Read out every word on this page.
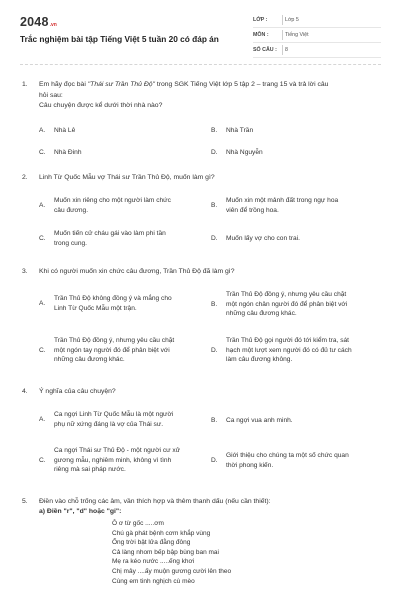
2048.vn
Trắc nghiệm bài tập Tiếng Việt 5 tuần 20 có đáp án
LỚP :	Lớp 5
MÔN :	Tiếng Việt
SỐ CÂU :	8
1.	Em hãy đọc bài "Thái sư Trần Thủ Độ" trong SGK Tiếng Việt lớp 5 tập 2 – trang 15 và trả lời câu
hỏi sau:
Câu chuyện được kể dưới thời nhà nào?
A. Nhà Lê	B. Nhà Trần
C. Nhà Đinh	D. Nhà Nguyễn
2.	Linh Từ Quốc Mẫu vợ Thái sư Trần Thủ Độ, muốn làm gì?
A.
Muốn xin riêng cho một người làm chức
câu đương.
B.
Muốn xin một mảnh đất trong ngự hoa
viên để trồng hoa.
C.
Muốn tiến cử cháu gái vào làm phi tần
trong cung.
D. Muốn lấy vợ cho con trai.
3.	Khi có người muốn xin chức câu đương, Trần Thủ Độ đã làm gì?
A.
Trần Thủ Độ không đồng ý và mắng cho
Linh Từ Quốc Mẫu một trận.	B.
Trần Thủ Độ đồng ý, nhưng yêu cầu chặt
một ngón chân người đó để phân biệt với
những câu đương khác.
C.
Trần Thủ Độ đồng ý, nhưng yêu cầu chặt
một ngón tay người đó để phân biệt với
những câu đương khác.
D.
Trần Thủ Độ gọi người đó tới kiểm tra, sát
hạch một lượt xem người đó có đủ tư cách
làm câu đương không.
4.	Ý nghĩa của câu chuyện?
A.
Ca ngợi Linh Từ Quốc Mẫu là một người
phụ nữ xứng đáng là vợ của Thái sư.	B. Ca ngợi vua anh minh.
C.
Ca ngợi Thái sư Thủ Độ - một người cư xử
gương mẫu, nghiêm minh, không vì tình
riêng mà sai pháp nước.
D.
Giới thiệu cho chúng ta một số chức quan
thời phong kiến.
5.	Điền vào chỗ trống các âm, vần thích hợp và thêm thanh dấu (nếu cần thiết):
a) Điền "r", "d" hoặc "gi":
Ô ơ từ gốc .....ơm
Chú gà phát bệnh cơm khắp vùng
Ống trời bật lửa đằng đông
Cả làng nhom bếp bập bùng ban mai
Mẹ ra kéo nước .....ếng khơi
Chị mây ....ấy muộn gương cười lên theo
Cùng em tinh nghịch cù mèo
